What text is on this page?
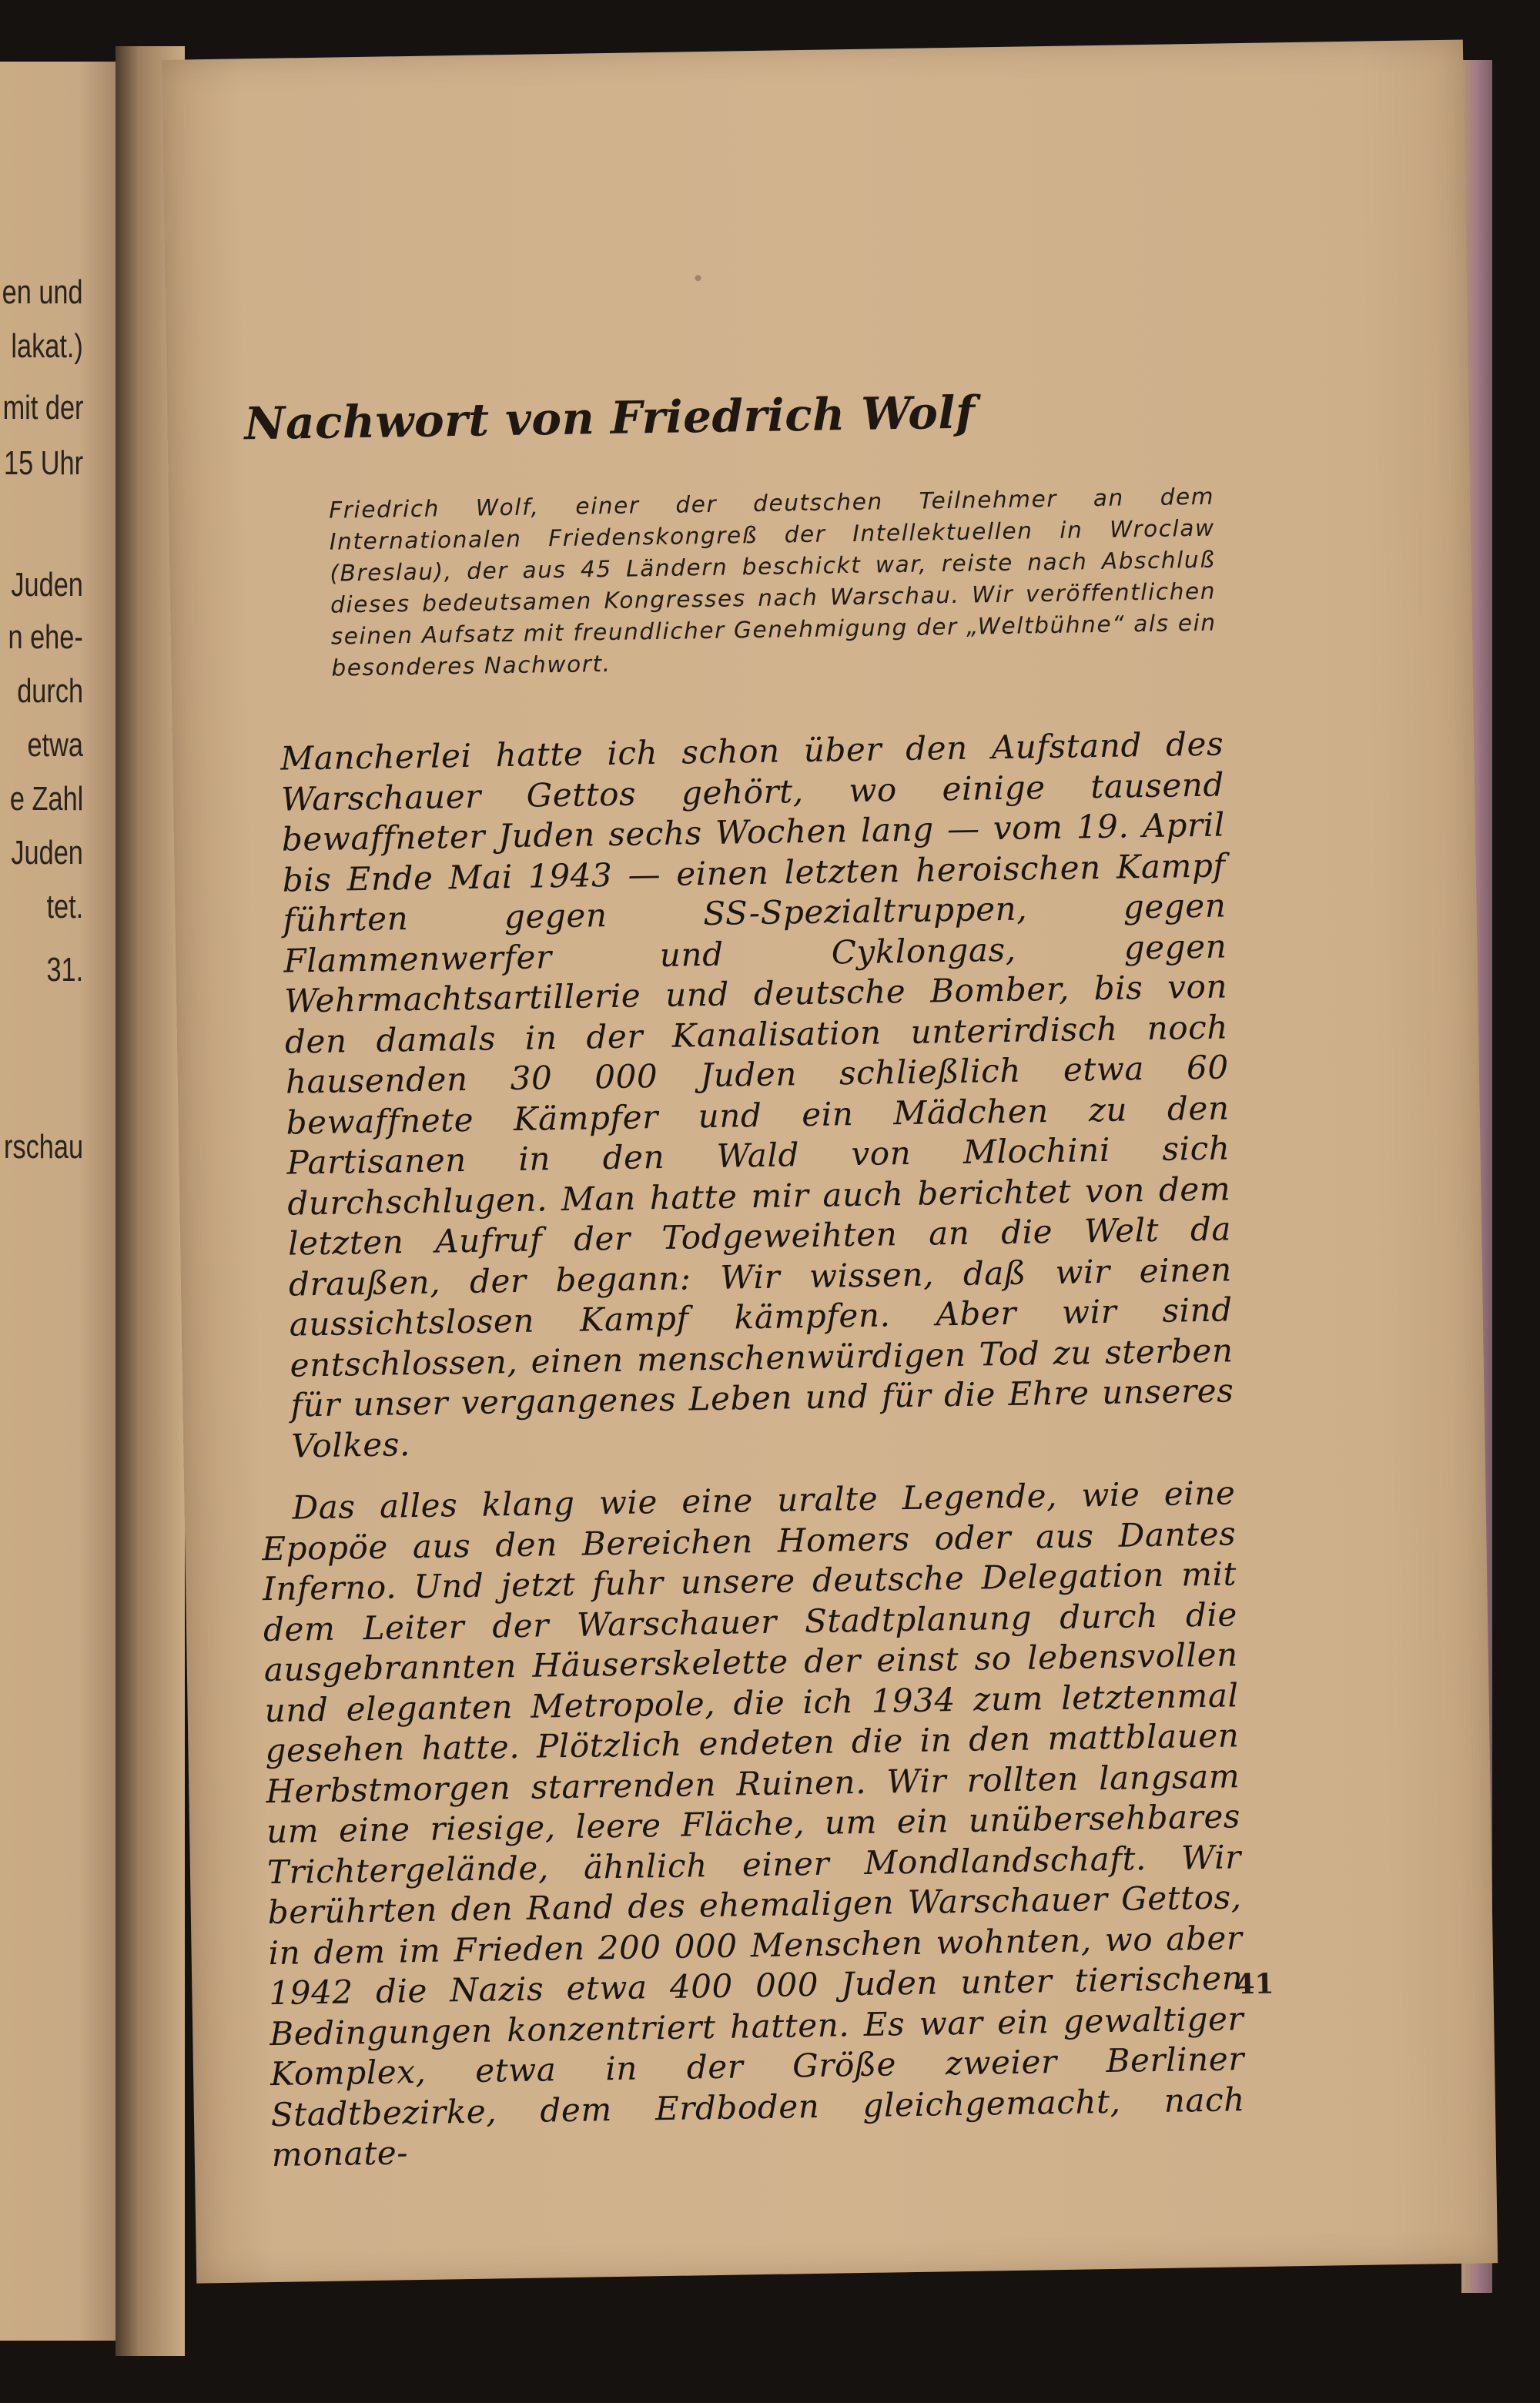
en und
lakat.)
mit der
15 Uhr
Juden
n ehe-
durch
etwa
e Zahl
Juden
tet.
31.
rschau
Nachwort von Friedrich Wolf

Friedrich Wolf, einer der deutschen Teilnehmer an dem Internationalen Friedenskongreß der Intellektuellen in Wroclaw (Breslau), der aus 45 Ländern beschickt war, reiste nach Abschluß dieses bedeutsamen Kongresses nach Warschau. Wir veröffentlichen seinen Aufsatz mit freundlicher Genehmigung der „Weltbühne“ als ein besonderes Nachwort.

Mancherlei hatte ich schon über den Aufstand des Warschauer Gettos gehört, wo einige tausend bewaffneter Juden sechs Wochen lang — vom 19. April bis Ende Mai 1943 — einen letzten heroischen Kampf führten gegen SS-Spezialtruppen, gegen Flammenwerfer und Cyklongas, gegen Wehrmachtsartillerie und deutsche Bomber, bis von den damals in der Kanalisation unterirdisch noch hausenden 30 000 Juden schließlich etwa 60 bewaffnete Kämpfer und ein Mädchen zu den Partisanen in den Wald von Mlochini sich durchschlugen. Man hatte mir auch berichtet von dem letzten Aufruf der Todgeweihten an die Welt da draußen, der begann: Wir wissen, daß wir einen aussichtslosen Kampf kämpfen. Aber wir sind entschlossen, einen menschenwürdigen Tod zu sterben für unser vergangenes Leben und für die Ehre unseres Volkes.

Das alles klang wie eine uralte Legende, wie eine Epopöe aus den Bereichen Homers oder aus Dantes Inferno. Und jetzt fuhr unsere deutsche Delegation mit dem Leiter der Warschauer Stadtplanung durch die ausgebrannten Häuserskelette der einst so lebensvollen und eleganten Metropole, die ich 1934 zum letztenmal gesehen hatte. Plötzlich endeten die in den mattblauen Herbstmorgen starrenden Ruinen. Wir rollten langsam um eine riesige, leere Fläche, um ein unübersehbares Trichtergelände, ähnlich einer Mondlandschaft. Wir berührten den Rand des ehemaligen Warschauer Gettos, in dem im Frieden 200 000 Menschen wohnten, wo aber 1942 die Nazis etwa 400 000 Juden unter tierischen Bedingungen konzentriert hatten. Es war ein gewaltiger Komplex, etwa in der Größe zweier Berliner Stadtbezirke, dem Erdboden gleichgemacht, nach monate-

41
